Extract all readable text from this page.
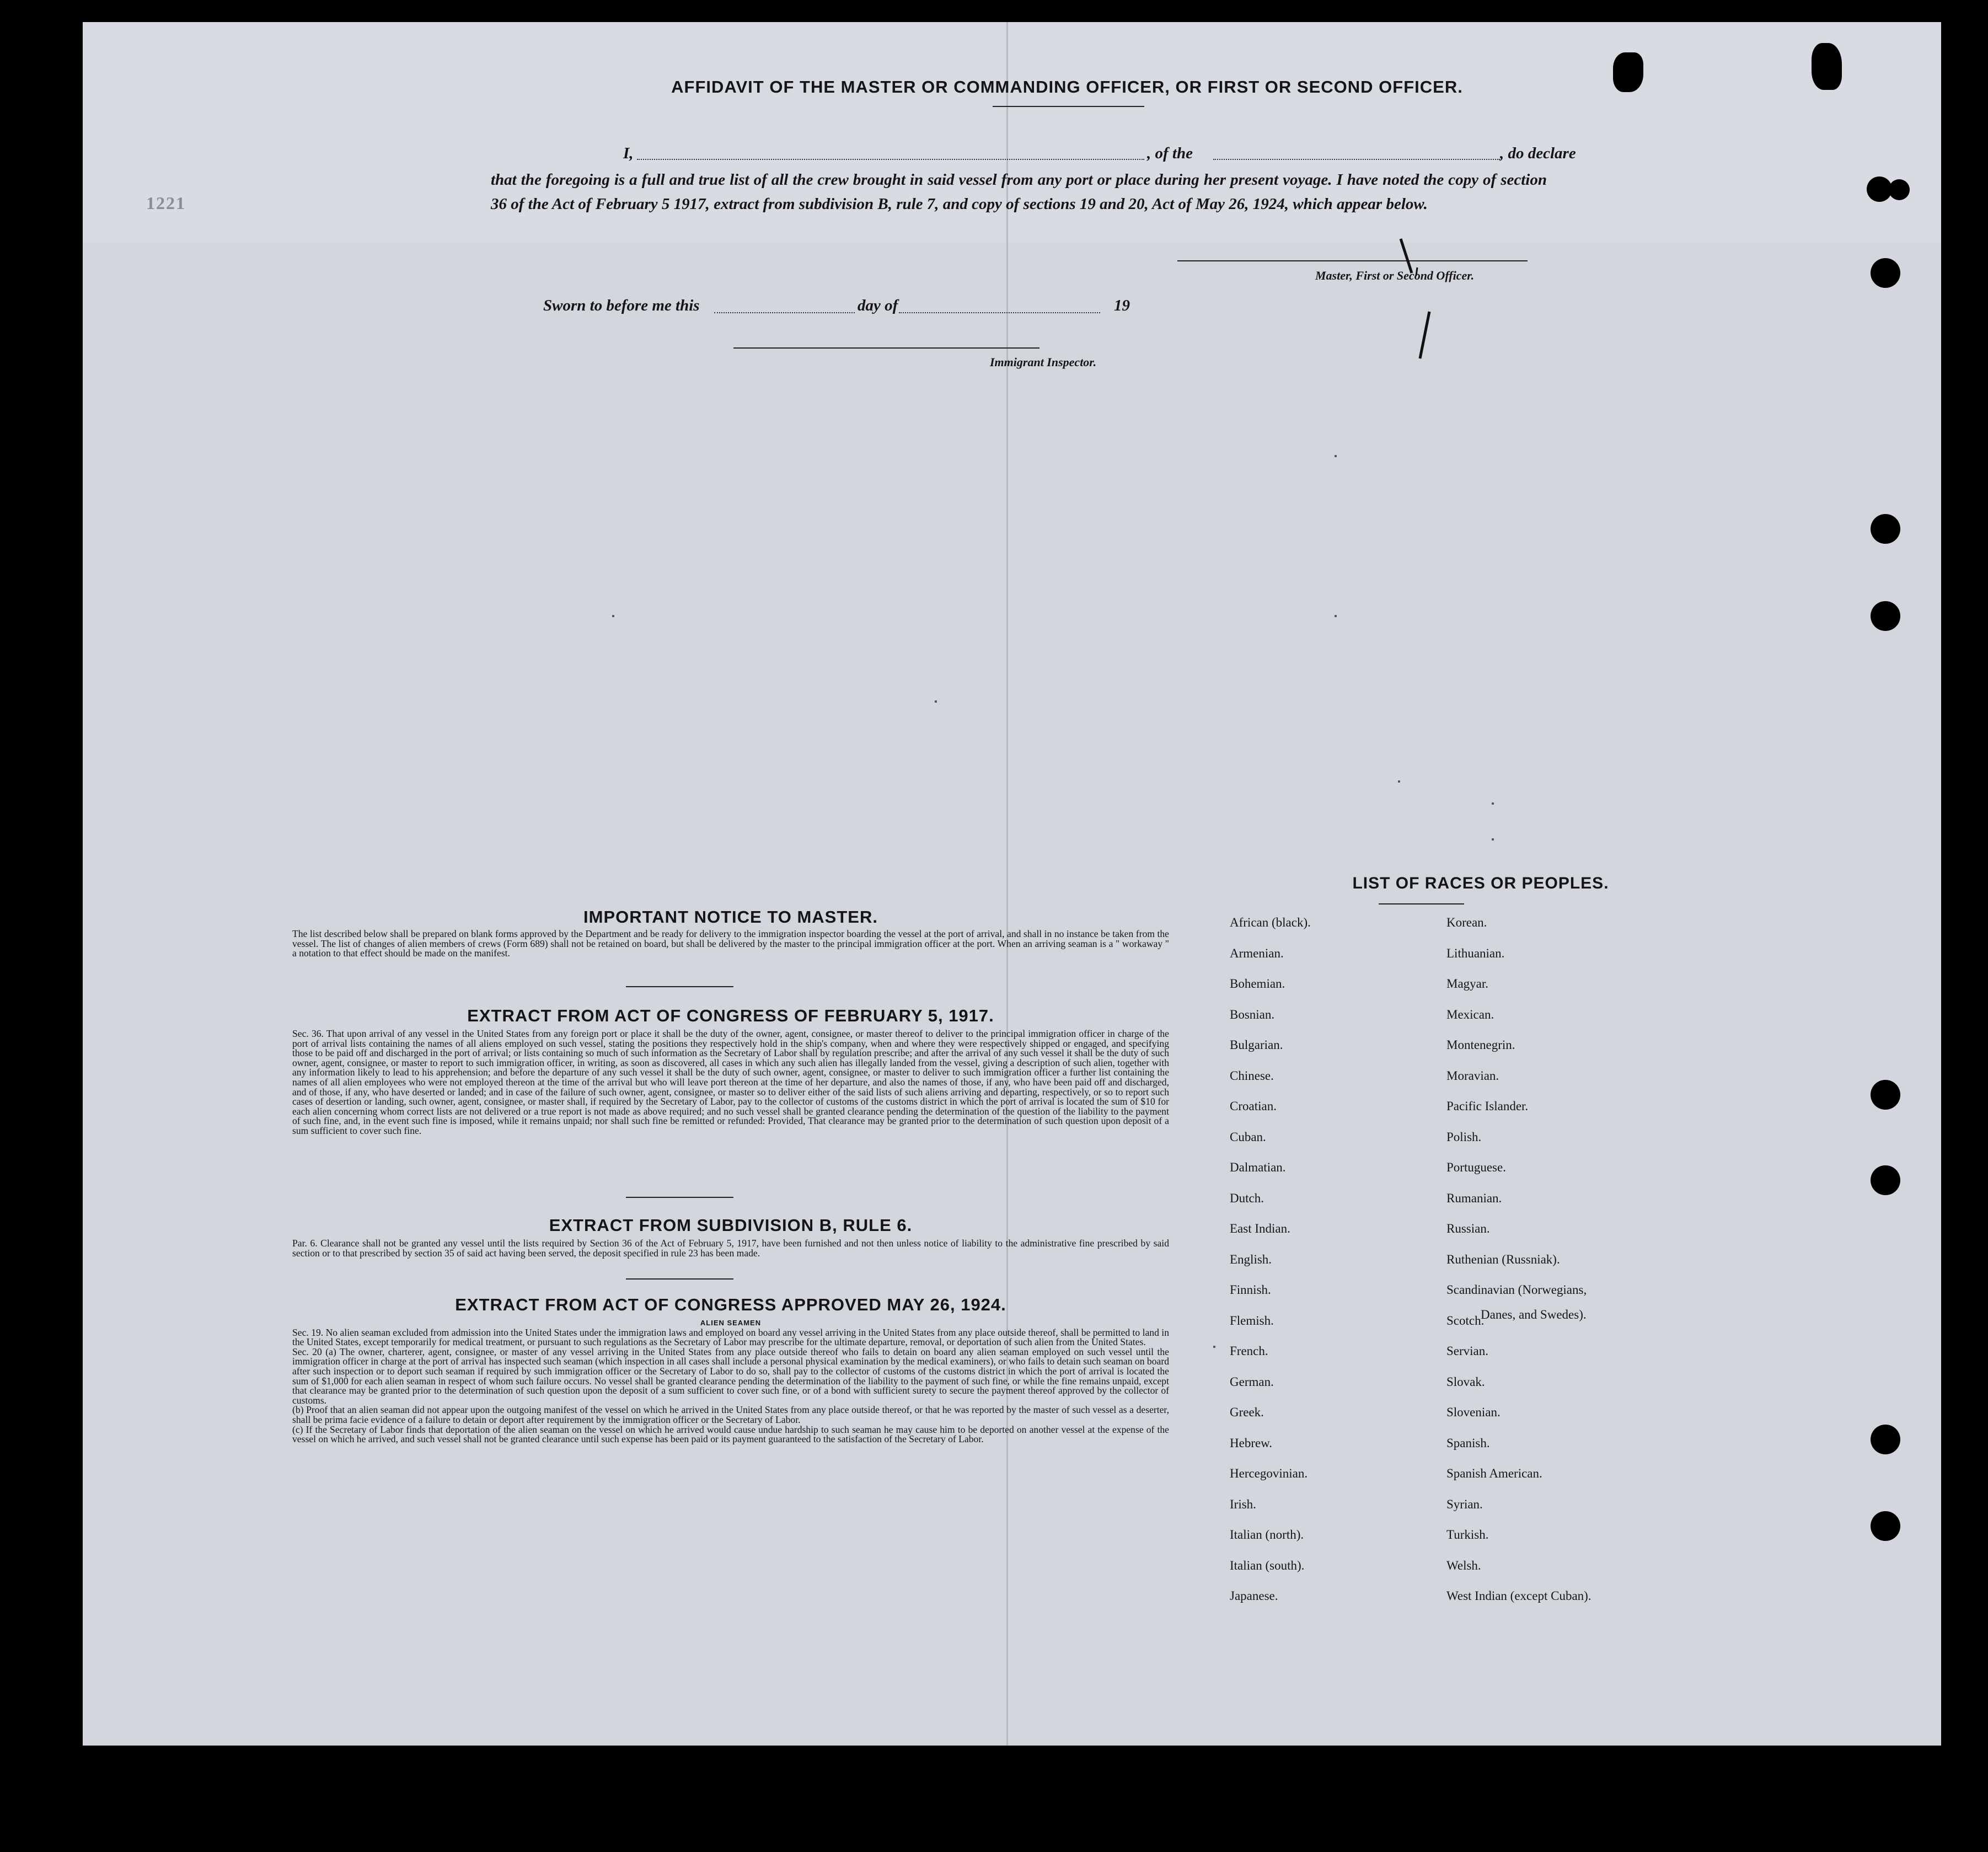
AFFIDAVIT OF THE MASTER OR COMMANDING OFFICER, OR FIRST OR SECOND OFFICER.
I,	, of the	, do declare
that the foregoing is a full and true list of all the crew brought in said vessel from any port or place during her present voyage. I have noted the copy of section 36 of the Act of February 5 1917, extract from subdivision B, rule 7, and copy of sections 19 and 20, Act of May 26, 1924, which appear below.
Master, First or Second Officer.
Sworn to before me this	day of	19
Immigrant Inspector.
1221
IMPORTANT NOTICE TO MASTER.
The list described below shall be prepared on blank forms approved by the Department and be ready for delivery to the immigration inspector boarding the vessel at the port of arrival, and shall in no instance be taken from the vessel. The list of changes of alien members of crews (Form 689) shall not be retained on board, but shall be delivered by the master to the principal immigration officer at the port. When an arriving seaman is a " workaway " a notation to that effect should be made on the manifest.
EXTRACT FROM ACT OF CONGRESS OF FEBRUARY 5, 1917.
Sec. 36. That upon arrival of any vessel in the United States from any foreign port or place it shall be the duty of the owner, agent, consignee, or master thereof to deliver to the principal immigration officer in charge of the port of arrival lists containing the names of all aliens employed on such vessel, stating the positions they respectively hold in the ship's company, when and where they were respectively shipped or engaged, and specifying those to be paid off and discharged in the port of arrival; or lists containing so much of such information as the Secretary of Labor shall by regulation prescribe; and after the arrival of any such vessel it shall be the duty of such owner, agent, consignee, or master to report to such immigration officer, in writing, as soon as discovered, all cases in which any such alien has illegally landed from the vessel, giving a description of such alien, together with any information likely to lead to his apprehension; and before the departure of any such vessel it shall be the duty of such owner, agent, consignee, or master to deliver to such immigration officer a further list containing the names of all alien employees who were not employed thereon at the time of the arrival but who will leave port thereon at the time of her departure, and also the names of those, if any, who have been paid off and discharged, and of those, if any, who have deserted or landed; and in case of the failure of such owner, agent, consignee, or master so to deliver either of the said lists of such aliens arriving and departing, respectively, or so to report such cases of desertion or landing, such owner, agent, consignee, or master shall, if required by the Secretary of Labor, pay to the collector of customs of the customs district in which the port of arrival is located the sum of $10 for each alien concerning whom correct lists are not delivered or a true report is not made as above required; and no such vessel shall be granted clearance pending the determination of the question of the liability to the payment of such fine, and, in the event such fine is imposed, while it remains unpaid; nor shall such fine be remitted or refunded: Provided, That clearance may be granted prior to the determination of such question upon deposit of a sum sufficient to cover such fine.
EXTRACT FROM SUBDIVISION B, RULE 6.
Par. 6. Clearance shall not be granted any vessel until the lists required by Section 36 of the Act of February 5, 1917, have been furnished and not then unless notice of liability to the administrative fine prescribed by said section or to that prescribed by section 35 of said act having been served, the deposit specified in rule 23 has been made.
EXTRACT FROM ACT OF CONGRESS APPROVED MAY 26, 1924.
ALIEN SEAMEN
Sec. 19. No alien seaman excluded from admission into the United States under the immigration laws and employed on board any vessel arriving in the United States from any place outside thereof, shall be permitted to land in the United States, except temporarily for medical treatment, or pursuant to such regulations as the Secretary of Labor may prescribe for the ultimate departure, removal, or deportation of such alien from the United States.
Sec. 20 (a) The owner, charterer, agent, consignee, or master of any vessel arriving in the United States from any place outside thereof who fails to detain on board any alien seaman employed on such vessel until the immigration officer in charge at the port of arrival has inspected such seaman (which inspection in all cases shall include a personal physical examination by the medical examiners), or who fails to detain such seaman on board after such inspection or to deport such seaman if required by such immigration officer or the Secretary of Labor to do so, shall pay to the collector of customs of the customs district in which the port of arrival is located the sum of $1,000 for each alien seaman in respect of whom such failure occurs. No vessel shall be granted clearance pending the determination of the liability to the payment of such fine, or while the fine remains unpaid, except that clearance may be granted prior to the determination of such question upon the deposit of a sum sufficient to cover such fine, or of a bond with sufficient surety to secure the payment thereof approved by the collector of customs.
(b) Proof that an alien seaman did not appear upon the outgoing manifest of the vessel on which he arrived in the United States from any place outside thereof, or that he was reported by the master of such vessel as a deserter, shall be prima facie evidence of a failure to detain or deport after requirement by the immigration officer or the Secretary of Labor.
(c) If the Secretary of Labor finds that deportation of the alien seaman on the vessel on which he arrived would cause undue hardship to such seaman he may cause him to be deported on another vessel at the expense of the vessel on which he arrived, and such vessel shall not be granted clearance until such expense has been paid or its payment guaranteed to the satisfaction of the Secretary of Labor.
LIST OF RACES OR PEOPLES.
African (black).
Armenian.
Bohemian.
Bosnian.
Bulgarian.
Chinese.
Croatian.
Cuban.
Dalmatian.
Dutch.
East Indian.
English.
Finnish.
Flemish.
French.
German.
Greek.
Hebrew.
Hercegovinian.
Irish.
Italian (north).
Italian (south).
Japanese.
Korean.
Lithuanian.
Magyar.
Mexican.
Montenegrin.
Moravian.
Pacific Islander.
Polish.
Portuguese.
Rumanian.
Russian.
Ruthenian (Russniak).
Scandinavian (Norwegians,
Scotch.
Servian.
Slovak.
Slovenian.
Spanish.
Spanish American.
Syrian.
Turkish.
Welsh.
West Indian (except Cuban).
Danes, and Swedes).
